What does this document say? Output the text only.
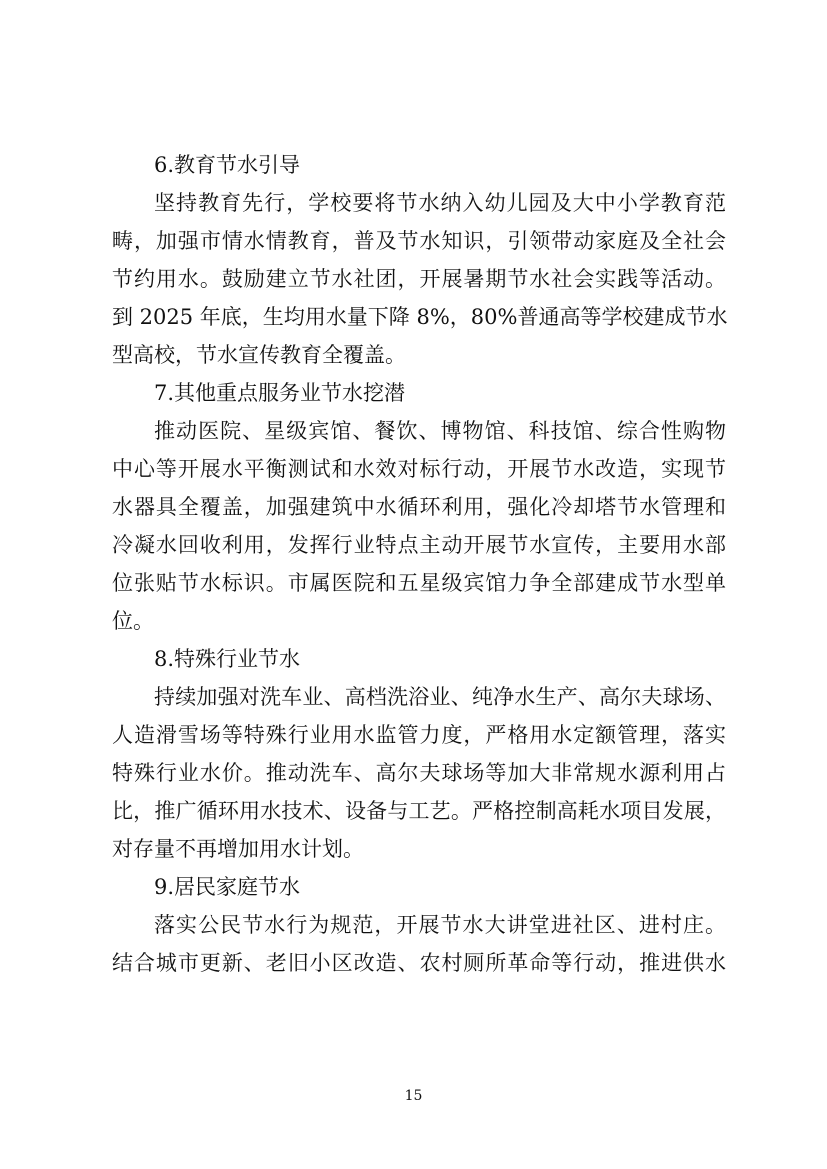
6.教育节水引导
坚持教育先行，学校要将节水纳入幼儿园及大中小学教育范
畴，加强市情水情教育，普及节水知识，引领带动家庭及全社会
节约用水。鼓励建立节水社团，开展暑期节水社会实践等活动。
到 2025 年底，生均用水量下降 8%，80%普通高等学校建成节水
型高校，节水宣传教育全覆盖。
7.其他重点服务业节水挖潜
推动医院、星级宾馆、餐饮、博物馆、科技馆、综合性购物
中心等开展水平衡测试和水效对标行动，开展节水改造，实现节
水器具全覆盖，加强建筑中水循环利用，强化冷却塔节水管理和
冷凝水回收利用，发挥行业特点主动开展节水宣传，主要用水部
位张贴节水标识。市属医院和五星级宾馆力争全部建成节水型单
位。
8.特殊行业节水
持续加强对洗车业、高档洗浴业、纯净水生产、高尔夫球场、
人造滑雪场等特殊行业用水监管力度，严格用水定额管理，落实
特殊行业水价。推动洗车、高尔夫球场等加大非常规水源利用占
比，推广循环用水技术、设备与工艺。严格控制高耗水项目发展，
对存量不再增加用水计划。
9.居民家庭节水
落实公民节水行为规范，开展节水大讲堂进社区、进村庄。
结合城市更新、老旧小区改造、农村厕所革命等行动，推进供水
15
